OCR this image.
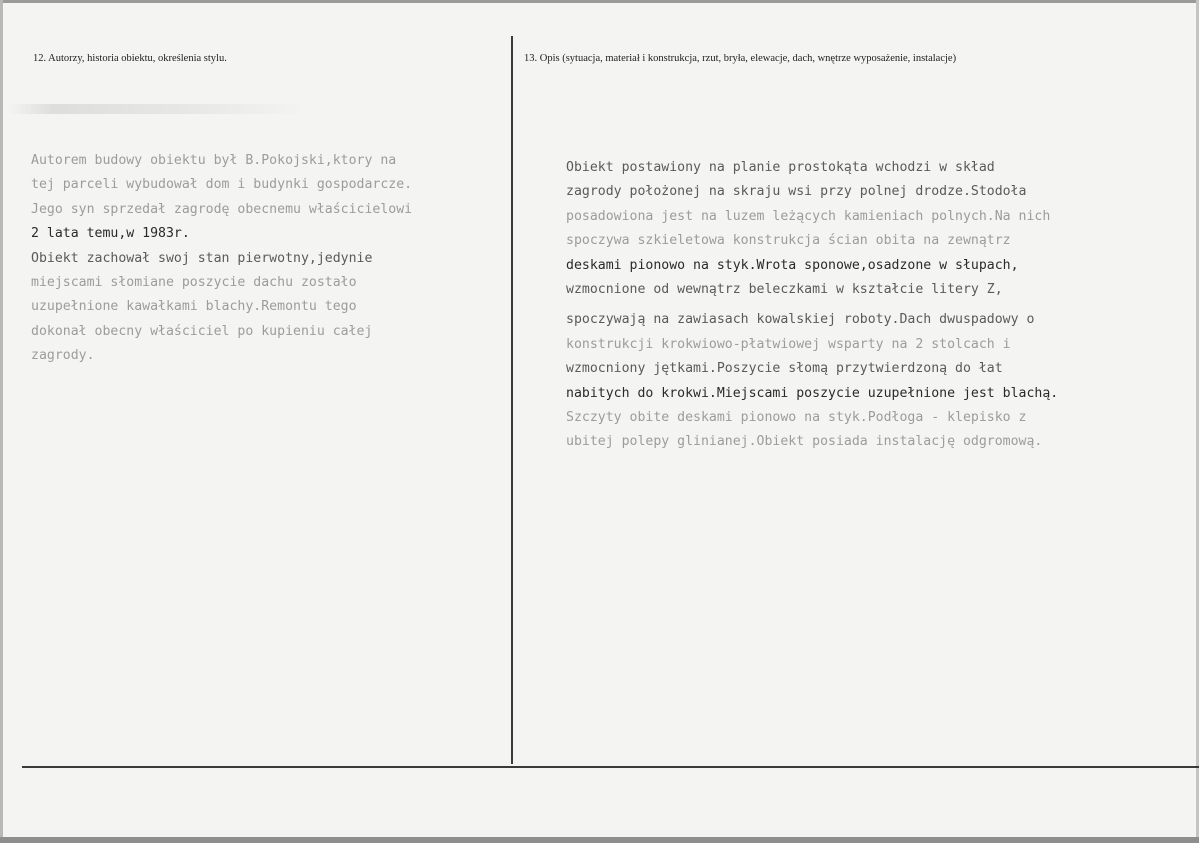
12. Autorzy, historia obiektu, określenia stylu.	13. Opis (sytuacja, materiał i konstrukcja, rzut, bryła, elewacje, dach, wnętrze wyposażenie, instalacje)
Autorem budowy obiektu był B.Pokojski,ktory na
tej parceli wybudował dom i budynki gospodarcze.
Jego syn sprzedał zagrodę obecnemu właścicielowi
2 lata temu,w 1983r.
Obiekt zachował swoj stan pierwotny,jedynie
miejscami słomiane poszycie dachu zostało
uzupełnione kawałkami blachy.Remontu tego
dokonał obecny właściciel po kupieniu całej
zagrody.
Obiekt postawiony na planie prostokąta wchodzi w skład
zagrody położonej na skraju wsi przy polnej drodze.Stodoła
posadowiona jest na luzem leżących kamieniach polnych.Na nich
spoczywa szkieletowa konstrukcja ścian obita na zewnątrz
deskami pionowo na styk.Wrota sponowe,osadzone w słupach,
wzmocnione od wewnątrz beleczkami w kształcie litery Z,
spoczywają na zawiasach kowalskiej roboty.Dach dwuspadowy o
konstrukcji krokwiowo-płatwiowej wsparty na 2 stolcach i
wzmocniony jętkami.Poszycie słomą przytwierdzoną do łat
nabitych do krokwi.Miejscami poszycie uzupełnione jest blachą.
Szczyty obite deskami pionowo na styk.Podłoga - klepisko z
ubitej polepy glinianej.Obiekt posiada instalację odgromową.
